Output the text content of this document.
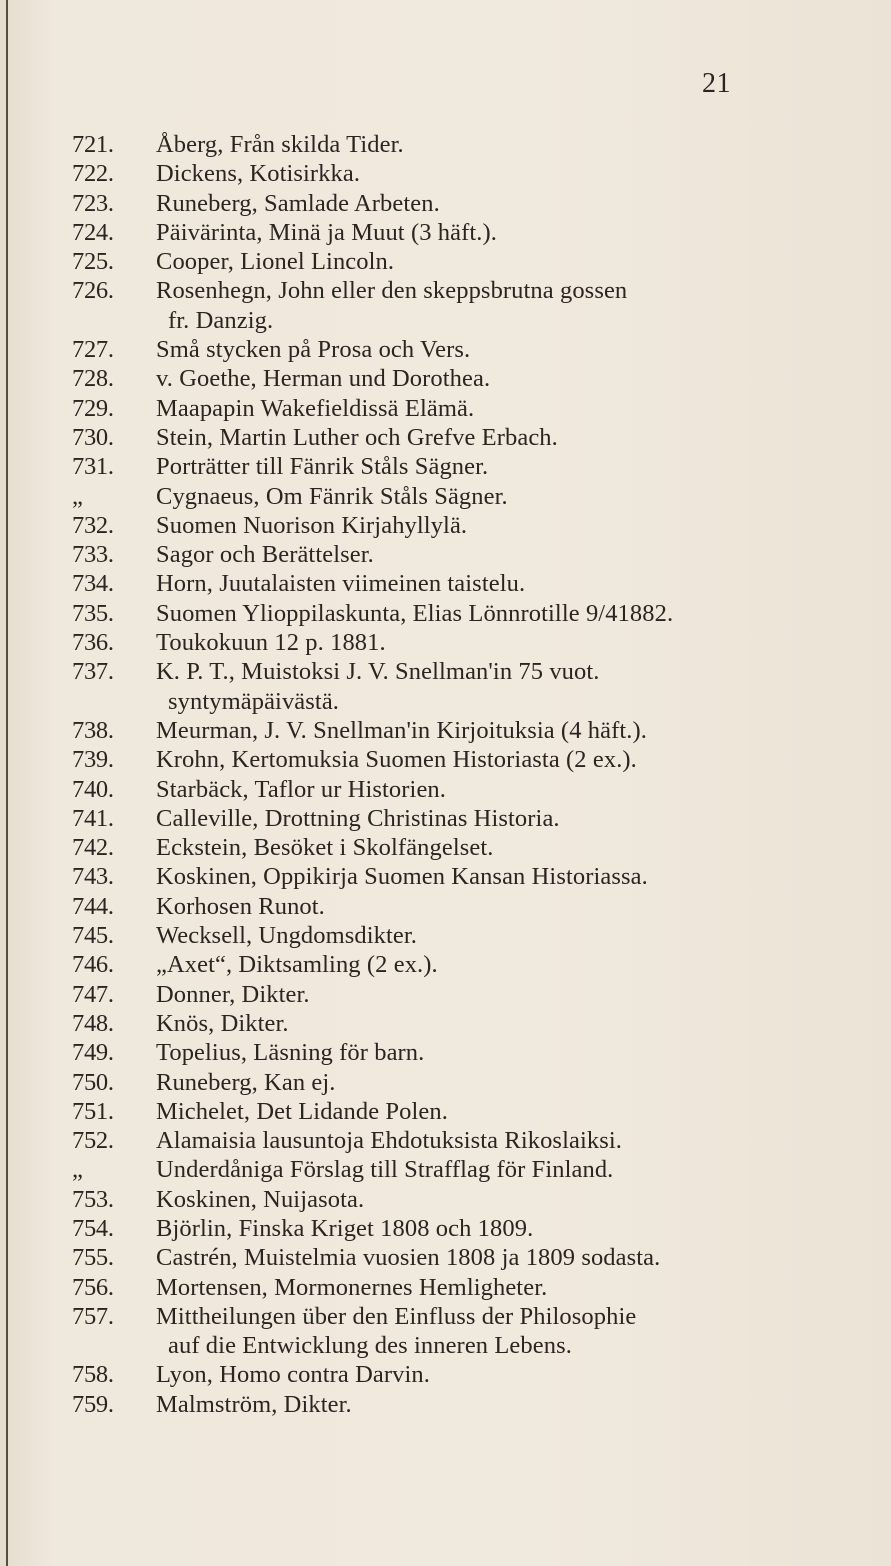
21
721.	Åberg, Från skilda Tider.
722.	Dickens, Kotisirkka.
723.	Runeberg, Samlade Arbeten.
724.	Päivärinta, Minä ja Muut (3 häft.).
725.	Cooper, Lionel Lincoln.
726.	Rosenhegn, John eller den skeppsbrutna gossen
fr. Danzig.
727.	Små stycken på Prosa och Vers.
728.	v. Goethe, Herman und Dorothea.
729.	Maapapin Wakefieldissä Elämä.
730.	Stein, Martin Luther och Grefve Erbach.
731.	Porträtter till Fänrik Ståls Sägner.
„	Cygnaeus, Om Fänrik Ståls Sägner.
732.	Suomen Nuorison Kirjahyllylä.
733.	Sagor och Berättelser.
734.	Horn, Juutalaisten viimeinen taistelu.
735.	Suomen Ylioppilaskunta, Elias Lönnrotille 9/41882.
736.	Toukokuun 12 p. 1881.
737.	K. P. T., Muistoksi J. V. Snellman'in 75 vuot.
syntymäpäivästä.
738.	Meurman, J. V. Snellman'in Kirjoituksia (4 häft.).
739.	Krohn, Kertomuksia Suomen Historiasta (2 ex.).
740.	Starbäck, Taflor ur Historien.
741.	Calleville, Drottning Christinas Historia.
742.	Eckstein, Besöket i Skolfängelset.
743.	Koskinen, Oppikirja Suomen Kansan Historiassa.
744.	Korhosen Runot.
745.	Wecksell, Ungdomsdikter.
746.	„Axet“, Diktsamling (2 ex.).
747.	Donner, Dikter.
748.	Knös, Dikter.
749.	Topelius, Läsning för barn.
750.	Runeberg, Kan ej.
751.	Michelet, Det Lidande Polen.
752.	Alamaisia lausuntoja Ehdotuksista Rikoslaiksi.
„	Underdåniga Förslag till Strafflag för Finland.
753.	Koskinen, Nuijasota.
754.	Björlin, Finska Kriget 1808 och 1809.
755.	Castrén, Muistelmia vuosien 1808 ja 1809 sodasta.
756.	Mortensen, Mormonernes Hemligheter.
757.	Mittheilungen über den Einfluss der Philosophie
auf die Entwicklung des inneren Lebens.
758.	Lyon, Homo contra Darvin.
759.	Malmström, Dikter.
